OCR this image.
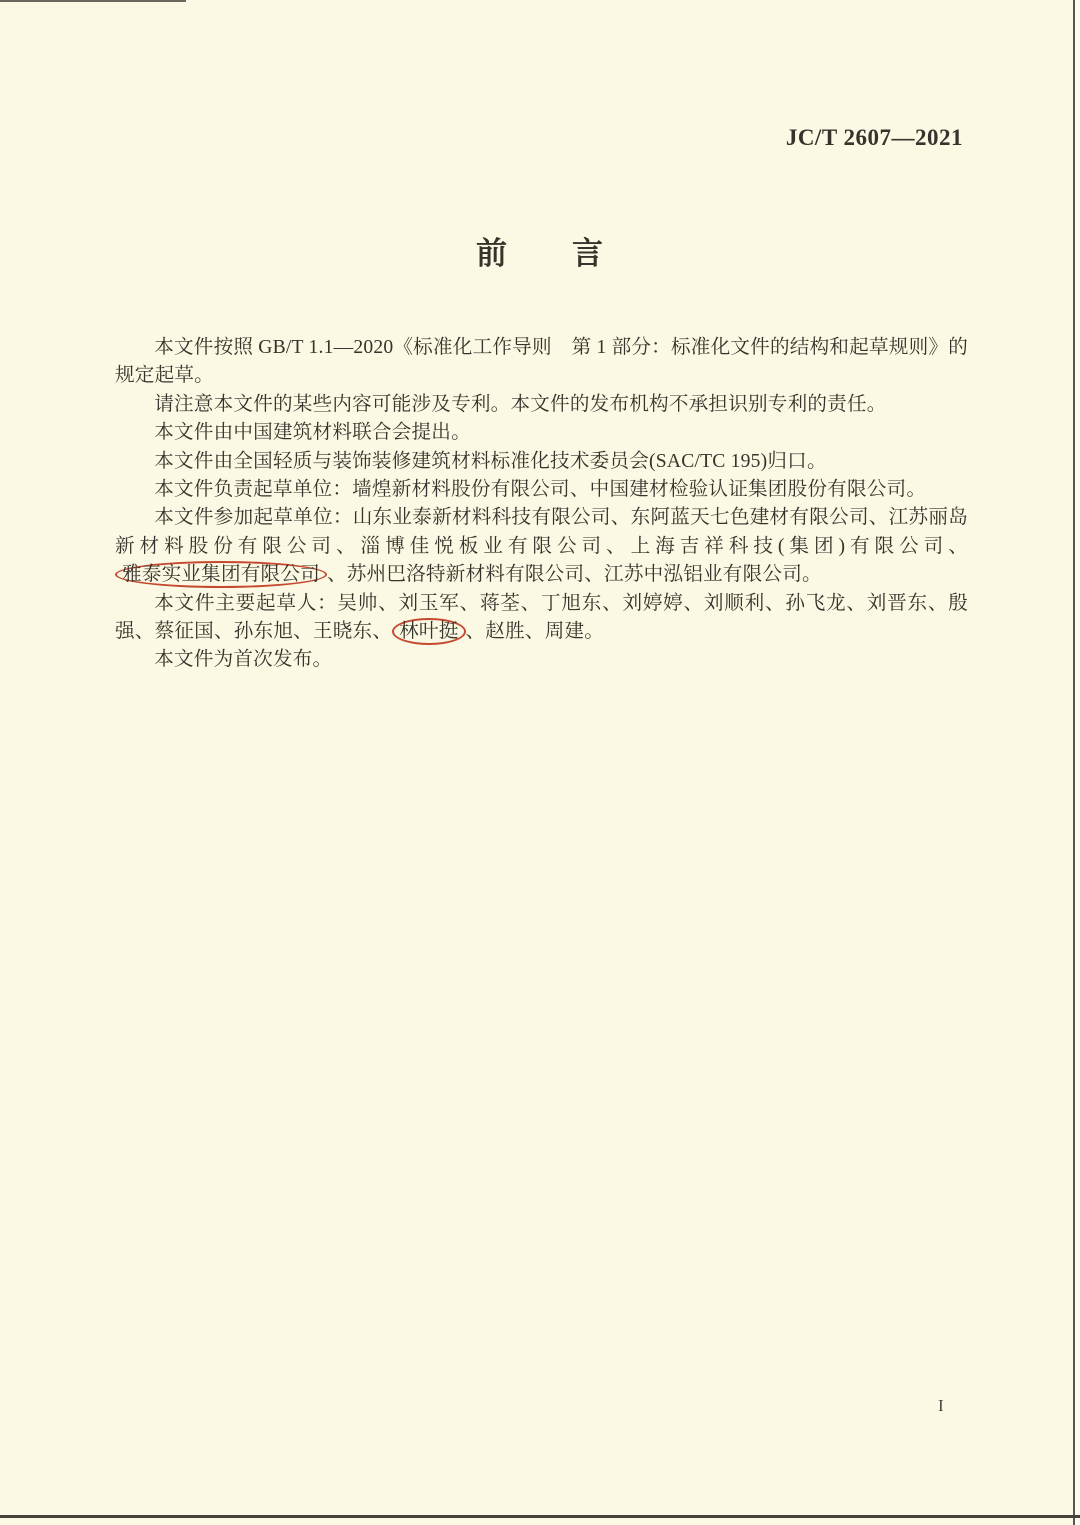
JC/T 2607—2021
前　　言

本文件按照 GB/T 1.1—2020《标准化工作导则　第 1 部分：标准化文件的结构和起草规则》的规定起草。

请注意本文件的某些内容可能涉及专利。本文件的发布机构不承担识别专利的责任。

本文件由中国建筑材料联合会提出。

本文件由全国轻质与装饰装修建筑材料标准化技术委员会(SAC/TC 195)归口。

本文件负责起草单位：墙煌新材料股份有限公司、中国建材检验认证集团股份有限公司。

本文件参加起草单位：山东业泰新材料科技有限公司、东阿蓝天七色建材有限公司、江苏丽岛新材料股份有限公司、淄博佳悦板业有限公司、上海吉祥科技(集团)有限公司、雅泰实业集团有限公司 、苏州巴洛特新材料有限公司、江苏中泓铝业有限公司。

本文件主要起草人：吴帅、刘玉军、蒋荃、丁旭东、刘婷婷、刘顺利、孙飞龙、刘晋东、殷强、蔡征国、孙东旭、王晓东、 林叶挺 、赵胜、周建。

本文件为首次发布。

I
